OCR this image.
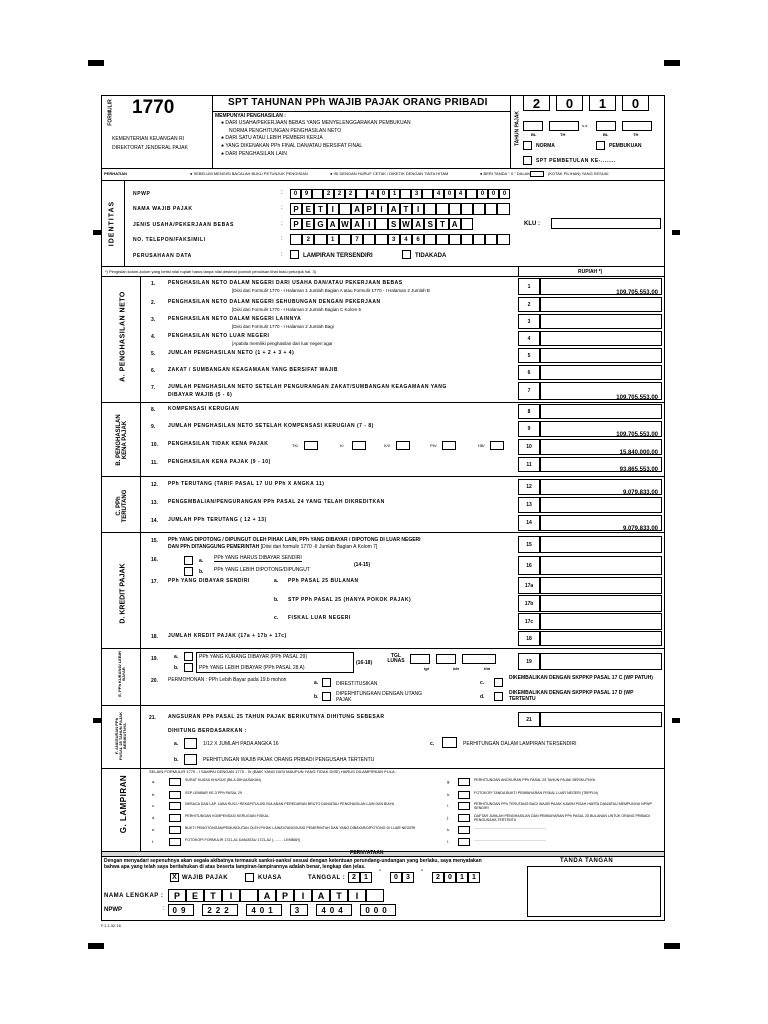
FORMULIR 1770
KEMENTERIAN KEUANGAN RI
DIREKTORAT JENDERAL PAJAK
SPT TAHUNAN PPh WAJIB PAJAK ORANG PRIBADI
MEMPUNYAI PENGHASILAN :
● DARI USAHA/PEKERJAAN BEBAS YANG MENYELENGGARAKAN PEMBUKUAN
NORMA PENGHITUNGAN PENGHASILAN NETO
● DARI SATU ATAU LEBIH PEMBERI KERJA
● YANG DIKENAKAN PPh FINAL DAN/ATAU BERSIFAT FINAL
● DARI PENGHASILAN LAIN
TAHUN PAJAK
2	0	1	0
s.d
BL	TH	BL	TH
NORMA	PEMBUKUAN
SPT PEMBETULAN KE-........
PERHATIAN	● SEBELUM MENGISI BACALAH BUKU PETUNJUK PENGISIAN	● ISI DENGAN HURUF CETAK / DIKETIK DENGAN TINTA HITAM	● BERI TANDA " X " DALAM	(KOTAK PILIHAN) YANG SESUAI
IDENTITAS
NPWP	:	0	9	2	2	2	4	0	1	3	4	0	4	0	0	0
NAMA WAJIB PAJAK	:	P E T	I	A P	I	A T	I
JENIS USAHA/PEKERJAAN BEBAS	:	P E G A W A	I	S W A S T A	KLU :
NO. TELEPON/FAKSIMILI	:	2	1	7	3	4	6
PERUSAHAAN DATA	:	LAMPIRAN TERSENDIRI	TIDAKADA
*) Pengisian kolom-kolom yang berisi nilai rupiah harus tanpa nilai desimal (contoh penulisan lihat buku petunjuk hal. 3)	RUPIAH *)
A. PENGHASILAN NETO
1.	PENGHASILAN NETO DALAM NEGERI DARI USAHA DAN/ATAU PEKERJAAN BEBAS
[Diisi dari Formulir 1770 - I Halaman 1 Jumlah Bagian A atau Formulir 1770 - I Halaman 2 Jumlah B
1
109,705,553.00
2.	PENGHASILAN NETO DALAM NEGERI SEHUBUNGAN DENGAN PEKERJAAN
[Diisi dari Formulir 1770 - I Halaman 2 Jumlah Bagian C Kolom 5
2
3.	PENGHASILAN NETO DALAM NEGERI LAINNYA
[Diisi dari Formulir 1770 - I Halaman 2 Jumlah Bagi
3
4.	PENGHASILAN NETO LUAR NEGERI
[Apabila memiliki penghasilan dari luar negeri agar
4
5.	JUMLAH PENGHASILAN NETO (1 + 2 + 3 + 4)	5
6.	ZAKAT / SUMBANGAN KEAGAMAAN YANG BERSIFAT WAJIB	6
7.	JUMLAH PENGHASILAN NETO SETELAH PENGURANGAN ZAKAT/SUMBANGAN KEAGAMAAN YANG
DIBAYAR WAJIB (5 - 6)
7
109,705,553.00
B. PENGHASILAN
KENA PAJAK
8.	KOMPENSASI KERUGIAN	8
9.	JUMLAH PENGHASILAN NETO SETELAH KOMPENSASI KERUGIAN (7 - 8)	9
109,705,553.00
10. PENGHASILAN TIDAK KENA PAJAK	10
15,840,000.00
11. PENGHASILAN KENA PAJAK (9 - 10)	11
93,865,553.00
TK/	K/	K/I/	PH/	HB/
C. PPh
TERUTANG
12. PPh TERUTANG (TARIF PASAL 17 UU PPh X ANGKA 11)	12
9,079,833.00
13. PENGEMBALIAN/PENGURANGAN PPh PASAL 24 YANG TELAH DIKREDITKAN	13
14. JUMLAH PPh TERUTANG ( 12 + 13)	14
9,079,833.00
D. KREDIT PAJAK
15. PPh YANG DIPOTONG / DIPUNGUT OLEH PIHAK LAIN, PPh YANG DIBAYAR / DIPOTONG DI LUAR NEGERI
DAN PPh DITANGGUNG PEMERINTAH [Diisi dari formulir 1770 -II Jumlah Bagian A Kolom 7]	15
16.	a. PPh YANG HARUS DIBAYAR SENDIRI
b. PPh YANG LEBIH DIPOTONG/DIPUNGUT
(14-15)	16
17. PPh YANG DIBAYAR SENDIRI	a. PPh PASAL 25 BULANAN
b. STP PPh PASAL 25 (HANYA POKOK PAJAK)
c. FISKAL LUAR NEGERI
17a
17b
17c
18. JUMLAH KREDIT PAJAK (17a + 17b + 17c)	18
E. PPh KURANG/ LEBIH
BAYAR
19.	a.	PPh YANG KURANG DIBAYAR (PPh PASAL 29)
b.	PPh YANG LEBIH DIBAYAR (PPh PASAL 28 A)
(16-18)
TGL LUNAS
tgl	bln	thn
19
20. PERMOHONAN : PPh Lebih Bayar pada 19.b mohon	a.	DIRESTITUSIKAN
b.	DIPERHITUNGKAN DENGAN UTANG PAJAK
c.
DIKEMBALIKAN DENGAN SKPPKP PASAL 17 C (WP PATUH)
d.
DIKEMBALIKAN DENGAN SKPPKP PASAL 17 D (WP TERTENTU
F. ANGSURAN PPh
PASAL 25 TAHUN PAJAK
BERIKUTNYA
21. ANGSURAN PPh PASAL 25 TAHUN PAJAK BERIKUTNYA DIHITUNG SEBESAR	21
DIHITUNG BERDASARKAN :
a.	1/12 X JUMLAH PADA ANGKA 16
b.	PERHITUNGAN WAJIB PAJAK ORANG PRIBADI PENGUSAHA TERTENTU
c.	PERHITUNGAN DALAM LAMPIRAN TERSENDIRI
G. LAMPIRAN
SELAIN FORMULIR 1770 - I SAMPAI DENGAN 1770 - IV (BAIK YANG DIISI MAUPUN YANG TIDAK DIISI) HARUS DILAMPIRKAN PULA :
a.	SURAT KUASA KHUSUS (BILA DIKUASAKAN)	g.	PERHITUNGAN ANGSURAN PPh PASAL 25 TAHUN PAJAK BERIKUTNYA
b.	SSP LEMBAR KE-3 PPh PASAL 29	h.	FOTOKOPI TANDA BUKTI PEMBAYARAN FISKAL LUAR NEGERI (TBPFLN)
c.	NERACA DAN LAP. LABA RUGI / REKAPITULASI BULANAN PEREDARAN BRUTO DAN/ATAU PENGHASILAN LAIN DAN BIAYA	i.	PERHITUNGAN PPh TERUTANG BAGI WAJIB PAJAK KAWIN PISAH HARTA DAN/ATAU MEMPUNYAI NPWP SENDIRI
d.	PERHITUNGAN KOMPENSASI KERUGIAN FISKAL	j.	DAFTAR JUMLAH PENGHASILAN DAN PEMBAYARAN PPh PASAL 25 BULANAN UNTUK ORANG PRIBADI PENGUSAHA TERTENTU
e.	BUKTI PEMOTONGAN/PEMUNGUTAN OLEH PIHAK LAIN/DITANGGUNG PEMERINTAH DAN YANG DIBAYAR/DIPOTONG DI LUAR NEGERI	k.	........................................................................
f.	FOTOKOPI FORMULIR 1721-A1 DAN/ATAU 1721-A2 (.......... LEMBAR)	l.	........................................................................
PERNYATAAN
Dengan menyadari sepenuhnya akan segala akibatnya termasuk sanksi-sanksi sesuai dengan ketentuan perundang-undangan yang berlaku, saya menyatakan
bahwa apa yang telah saya beritahukan di atas beserta lampiran-lampirannya adalah benar, lengkap dan jelas.
TANDA TANGAN
X WAJIB PAJAK	KUASA	TANGGAL : 2	1	0	3	2	0	1	1
-	-
NAMA LENGKAP :	P	E	T	I	A	P	I	A	T	I
NPWP	: 09	222	401	3	404	000
F.1.1.32.16
